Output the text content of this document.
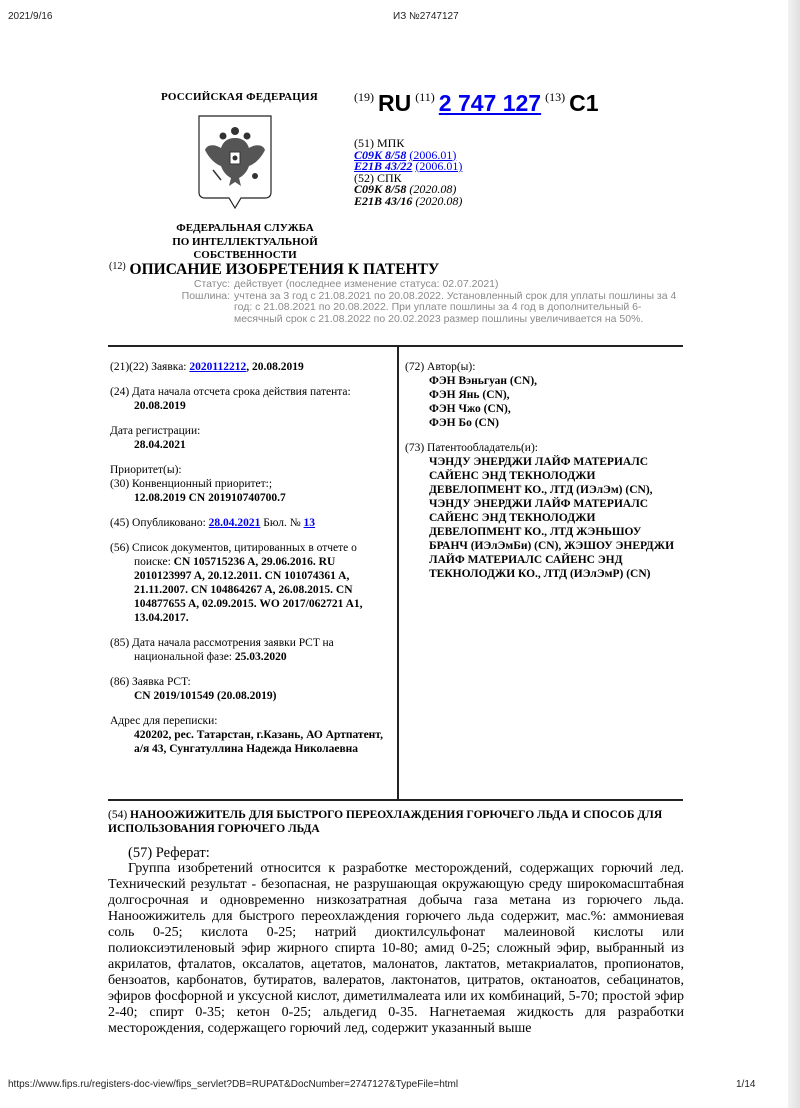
2021/9/16	ИЗ №2747127
РОССИЙСКАЯ ФЕДЕРАЦИЯ
ФЕДЕРАЛЬНАЯ СЛУЖБА
ПО ИНТЕЛЛЕКТУАЛЬНОЙ
СОБСТВЕННОСТИ
$^{(12)}$ ОПИСАНИЕ ИЗОБРЕТЕНИЯ К ПАТЕНТУ
$^{(19)}$ RU $^{(11)}$ 2 747 127 $^{(13)}$ C1
(51) МПК
C09K 8/58 (2006.01)
E21B 43/22 (2006.01)
(52) СПК
C09K 8/58 (2020.08)
E21B 43/16 (2020.08)
Статус: действует (последнее изменение статуса: 02.07.2021)
Пошлина: учтена за 3 год с 21.08.2021 по 20.08.2022. Установленный срок для уплаты пошлины за 4 год: с 21.08.2021 по 20.08.2022. При уплате пошлины за 4 год в дополнительный 6-месячный срок с 21.08.2022 по 20.02.2023 размер пошлины увеличивается на 50%.
(21)(22) Заявка: 2020112212, 20.08.2019
(24) Дата начала отсчета срока действия патента:
20.08.2019
Дата регистрации:
28.04.2021
Приоритет(ы):
(30) Конвенционный приоритет:;
12.08.2019 CN 201910740700.7
(45) Опубликовано: 28.04.2021 Бюл. № 13
(56) Список документов, цитированных в отчете о поиске: CN 105715236 A, 29.06.2016. RU 2010123997 A, 20.12.2011. CN 101074361 A, 21.11.2007. CN 104864267 A, 26.08.2015. CN 104877655 A, 02.09.2015. WO 2017/062721 A1, 13.04.2017.
(85) Дата начала рассмотрения заявки PCT на национальной фазе: 25.03.2020
(86) Заявка PCT:
CN 2019/101549 (20.08.2019)
Адрес для переписки:
420202, рес. Татарстан, г.Казань, АО Артпатент, а/я 43, Сунгатуллина Надежда Николаевна
(72) Автор(ы):
ФЭН Вэньгуан (CN),
ФЭН Янь (CN),
ФЭН Чжо (CN),
ФЭН Бо (CN)
(73) Патентообладатель(и):
ЧЭНДУ ЭНЕРДЖИ ЛАЙФ МАТЕРИАЛС САЙЕНС ЭНД ТЕКНОЛОДЖИ ДЕВЕЛОПМЕНТ КО., ЛТД (ИЭлЭм) (CN), ЧЭНДУ ЭНЕРДЖИ ЛАЙФ МАТЕРИАЛС САЙЕНС ЭНД ТЕКНОЛОДЖИ ДЕВЕЛОПМЕНТ КО., ЛТД ЖЭНЬШОУ БРАНЧ (ИЭлЭмБи) (CN), ЖЭШОУ ЭНЕРДЖИ ЛАЙФ МАТЕРИАЛС САЙЕНС ЭНД ТЕКНОЛОДЖИ КО., ЛТД (ИЭлЭмР) (CN)
(54) НАНООЖИЖИТЕЛЬ ДЛЯ БЫСТРОГО ПЕРЕОХЛАЖДЕНИЯ ГОРЮЧЕГО ЛЬДА И СПОСОБ ДЛЯ ИСПОЛЬЗОВАНИЯ ГОРЮЧЕГО ЛЬДА
(57) Реферат:

Группа изобретений относится к разработке месторождений, содержащих горючий лед. Технический результат - безопасная, не разрушающая окружающую среду широкомасштабная долгосрочная и одновременно низкозатратная добыча газа метана из горючего льда. Наноожижитель для быстрого переохлаждения горючего льда содержит, мас.%: аммониевая соль 0-25; кислота 0-25; натрий диоктилсульфонат малеиновой кислоты или полиоксиэтиленовый эфир жирного спирта 10-80; амид 0-25; сложный эфир, выбранный из акрилатов, фталатов, оксалатов, ацетатов, малонатов, лактатов, метакриалатов, пропионатов, бензоатов, карбонатов, бутиратов, валератов, лактонатов, цитратов, октаноатов, себацинатов, эфиров фосфорной и уксусной кислот, диметилмалеата или их комбинаций, 5-70; простой эфир 2-40; спирт 0-35; кетон 0-25; альдегид 0-35. Нагнетаемая жидкость для разработки месторождения, содержащего горючий лед, содержит указанный выше

https://www.fips.ru/registers-doc-view/fips_servlet?DB=RUPAT&DocNumber=2747127&TypeFile=html	1/14
